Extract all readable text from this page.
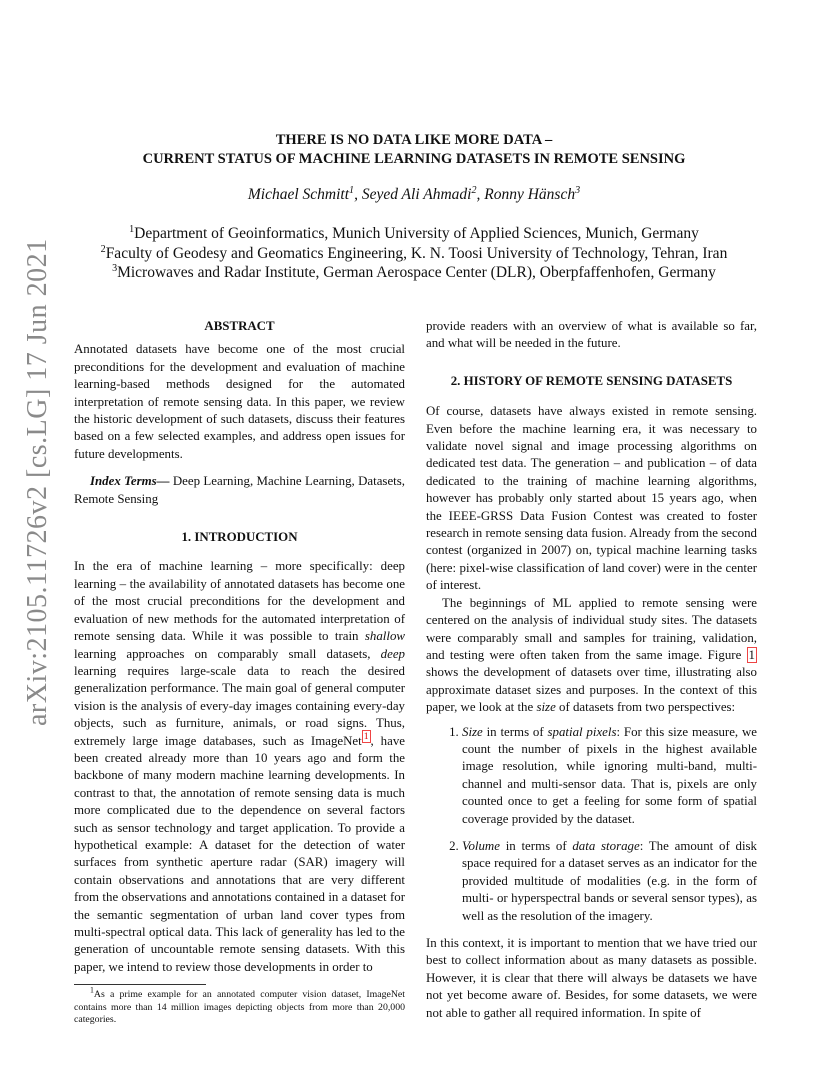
arXiv:2105.11726v2 [cs.LG] 17 Jun 2021
THERE IS NO DATA LIKE MORE DATA –
CURRENT STATUS OF MACHINE LEARNING DATASETS IN REMOTE SENSING
Michael Schmitt$^1$, Seyed Ali Ahmadi$^2$, Ronny Hänsch$^3$
$^1$Department of Geoinformatics, Munich University of Applied Sciences, Munich, Germany
$^2$Faculty of Geodesy and Geomatics Engineering, K. N. Toosi University of Technology, Tehran, Iran
$^3$Microwaves and Radar Institute, German Aerospace Center (DLR), Oberpfaffenhofen, Germany
ABSTRACT

Annotated datasets have become one of the most crucial preconditions for the development and evaluation of machine learning-based methods designed for the automated interpretation of remote sensing data. In this paper, we review the historic development of such datasets, discuss their features based on a few selected examples, and address open issues for future developments.

Index Terms— Deep Learning, Machine Learning, Datasets, Remote Sensing

1. INTRODUCTION

In the era of machine learning – more specifically: deep learning – the availability of annotated datasets has become one of the most crucial preconditions for the development and evaluation of new methods for the automated interpretation of remote sensing data. While it was possible to train shallow learning approaches on comparably small datasets, deep learning requires large-scale data to reach the desired generalization performance. The main goal of general computer vision is the analysis of every-day images containing every-day objects, such as furniture, animals, or road signs. Thus, extremely large image databases, such as ImageNet $^1$ , have been created already more than 10 years ago and form the backbone of many modern machine learning developments. In contrast to that, the annotation of remote sensing data is much more complicated due to the dependence on several factors such as sensor technology and target application. To provide a hypothetical example: A dataset for the detection of water surfaces from synthetic aperture radar (SAR) imagery will contain observations and annotations that are very different from the observations and annotations contained in a dataset for the semantic segmentation of urban land cover types from multi-spectral optical data. This lack of generality has led to the generation of uncountable remote sensing datasets. With this paper, we intend to review those developments in order to

$^1$As a prime example for an annotated computer vision dataset, ImageNet contains more than 14 million images depicting objects from more than 20,000 categories.

provide readers with an overview of what is available so far, and what will be needed in the future.

2. HISTORY OF REMOTE SENSING DATASETS

Of course, datasets have always existed in remote sensing. Even before the machine learning era, it was necessary to validate novel signal and image processing algorithms on dedicated test data. The generation – and publication – of data dedicated to the training of machine learning algorithms, however has probably only started about 15 years ago, when the IEEE-GRSS Data Fusion Contest was created to foster research in remote sensing data fusion. Already from the second contest (organized in 2007) on, typical machine learning tasks (here: pixel-wise classification of land cover) were in the center of interest.

The beginnings of ML applied to remote sensing were centered on the analysis of individual study sites. The datasets were comparably small and samples for training, validation, and testing were often taken from the same image. Figure 1 shows the development of datasets over time, illustrating also approximate dataset sizes and purposes. In the context of this paper, we look at the size of datasets from two perspectives:

1. Size in terms of spatial pixels: For this size measure, we count the number of pixels in the highest available image resolution, while ignoring multi-band, multi-channel and multi-sensor data. That is, pixels are only counted once to get a feeling for some form of spatial coverage provided by the dataset.
2. Volume in terms of data storage: The amount of disk space required for a dataset serves as an indicator for the provided multitude of modalities (e.g. in the form of multi- or hyperspectral bands or several sensor types), as well as the resolution of the imagery.

In this context, it is important to mention that we have tried our best to collect information about as many datasets as possible. However, it is clear that there will always be datasets we have not yet become aware of. Besides, for some datasets, we were not able to gather all required information. In spite of
